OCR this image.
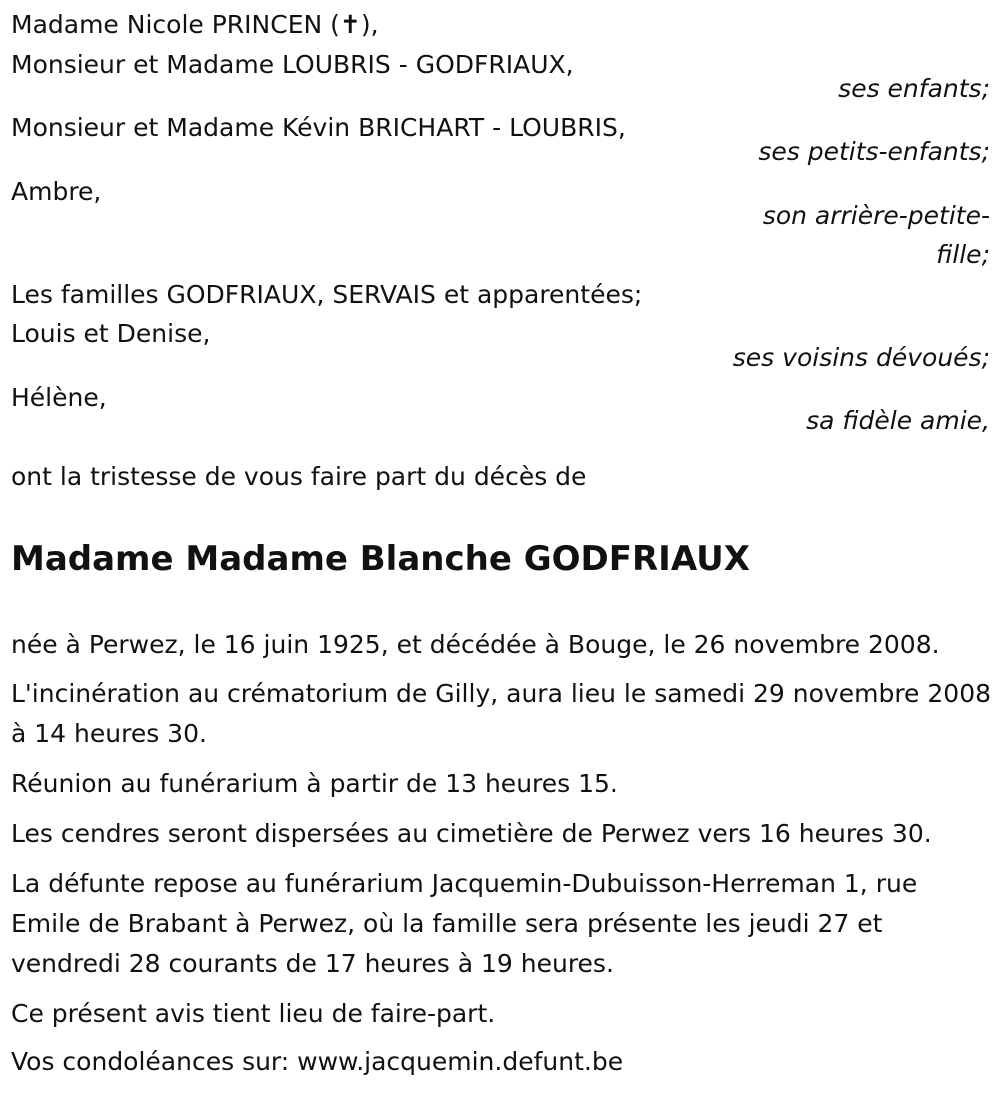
Madame Nicole PRINCEN (✝),
Monsieur et Madame LOUBRIS - GODFRIAUX,
ses enfants;
Monsieur et Madame Kévin BRICHART - LOUBRIS,
ses petits-enfants;
Ambre,
son arrière-petite-
fille;
Les familles GODFRIAUX, SERVAIS et apparentées;
Louis et Denise,
ses voisins dévoués;
Hélène,
sa fidèle amie,
ont la tristesse de vous faire part du décès de
Madame Madame Blanche GODFRIAUX
née à Perwez, le 16 juin 1925, et décédée à Bouge, le 26 novembre 2008.
L'incinération au crématorium de Gilly, aura lieu le samedi 29 novembre 2008 à 14 heures 30.
Réunion au funérarium à partir de 13 heures 15.
Les cendres seront dispersées au cimetière de Perwez vers 16 heures 30.
La défunte repose au funérarium Jacquemin-Dubuisson-Herreman 1, rue Emile de Brabant à Perwez, où la famille sera présente les jeudi 27 et vendredi 28 courants de 17 heures à 19 heures.
Ce présent avis tient lieu de faire-part.
Vos condoléances sur: www.jacquemin.defunt.be
